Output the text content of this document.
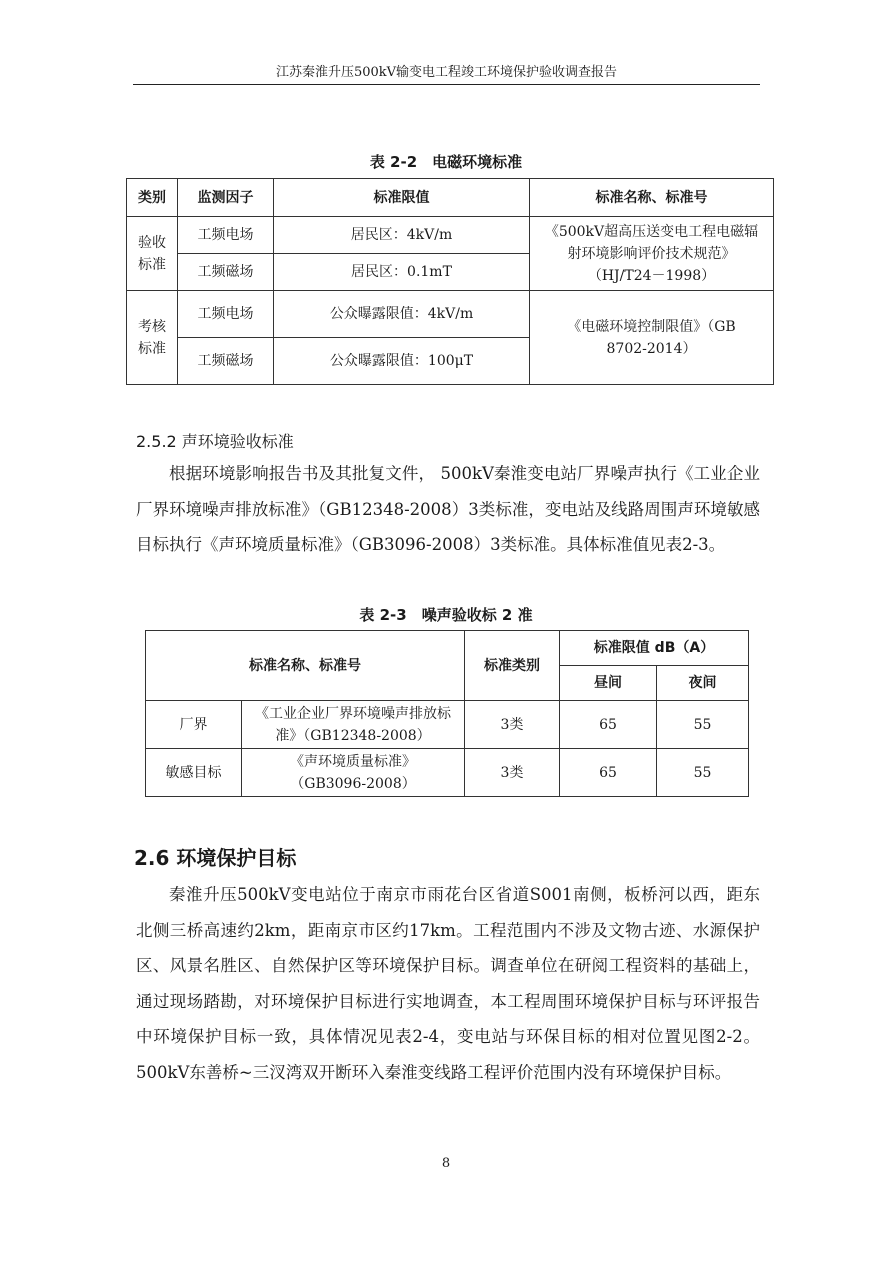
江苏秦淮升压500kV输变电工程竣工环境保护验收调查报告
表 2-2　电磁环境标准
类别	监测因子	标准限值	标准名称、标准号
验收标准	工频电场	居民区：4kV/m	《500kV超高压送变电工程电磁辐射环境影响评价技术规范》（HJ/T24－1998）
	工频磁场	居民区：0.1mT	
考核标准	工频电场	公众曝露限值：4kV/m	《电磁环境控制限值》（GB 8702-2014）
	工频磁场	公众曝露限值：100μT	
2.5.2 声环境验收标准

根据环境影响报告书及其批复文件， 500kV秦淮变电站厂界噪声执行《工业企业厂界环境噪声排放标准》（GB12348-2008）3类标准，变电站及线路周围声环境敏感目标执行《声环境质量标准》（GB3096-2008）3类标准。具体标准值见表2-3。

表 2-3　噪声验收标 2 准
标准名称、标准号		标准类别	标准限值 dB（A）	
			昼间	夜间
厂界	《工业企业厂界环境噪声排放标准》（GB12348-2008）	3类	65	55
敏感目标	《声环境质量标准》（GB3096-2008）	3类	65	55
2.6 环境保护目标

秦淮升压500kV变电站位于南京市雨花台区省道S001南侧，板桥河以西，距东北侧三桥高速约2km，距南京市区约17km。工程范围内不涉及文物古迹、水源保护区、风景名胜区、自然保护区等环境保护目标。调查单位在研阅工程资料的基础上，通过现场踏勘，对环境保护目标进行实地调查，本工程周围环境保护目标与环评报告中环境保护目标一致，具体情况见表2-4，变电站与环保目标的相对位置见图2-2。500kV东善桥~三汊湾双开断环入秦淮变线路工程评价范围内没有环境保护目标。

8
